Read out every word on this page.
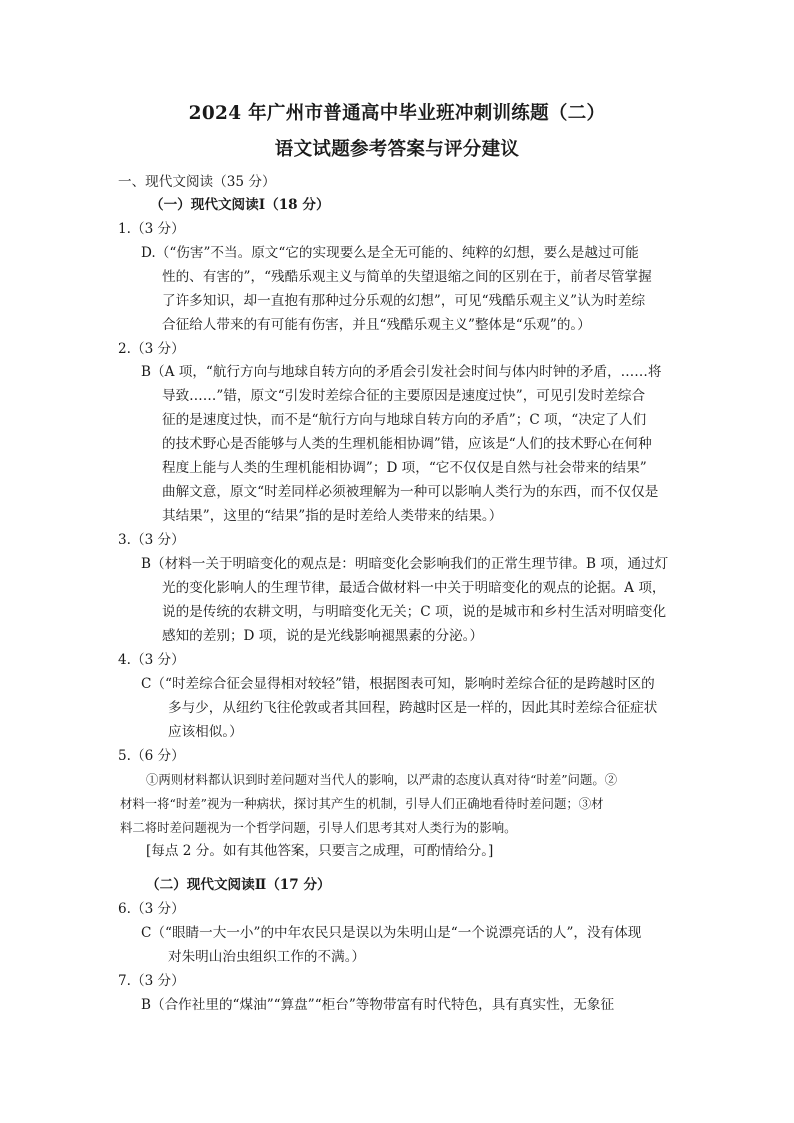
2024 年广州市普通高中毕业班冲刺训练题（二）
语文试题参考答案与评分建议
一、现代文阅读（35 分）
（一）现代文阅读Ⅰ（18 分）
1.（3 分）
D.（“伤害”不当。原文“它的实现要么是全无可能的、纯粹的幻想，要么是越过可能
性的、有害的”，“残酷乐观主义与简单的失望退缩之间的区别在于，前者尽管掌握
了许多知识，却一直抱有那种过分乐观的幻想”，可见“残酷乐观主义”认为时差综
合征给人带来的有可能有伤害，并且“残酷乐观主义”整体是“乐观”的。）
2.（3 分）
B（A 项，“航行方向与地球自转方向的矛盾会引发社会时间与体内时钟的矛盾，……将
导致……”错，原文“引发时差综合征的主要原因是速度过快”，可见引发时差综合
征的是速度过快，而不是“航行方向与地球自转方向的矛盾”；C 项，“决定了人们
的技术野心是否能够与人类的生理机能相协调”错，应该是“人们的技术野心在何种
程度上能与人类的生理机能相协调”；D 项，“它不仅仅是自然与社会带来的结果”
曲解文意，原文“时差同样必须被理解为一种可以影响人类行为的东西，而不仅仅是
其结果”，这里的“结果”指的是时差给人类带来的结果。）
3.（3 分）
B（材料一关于明暗变化的观点是：明暗变化会影响我们的正常生理节律。B 项，通过灯
光的变化影响人的生理节律，最适合做材料一中关于明暗变化的观点的论据。A 项，
说的是传统的农耕文明，与明暗变化无关；C 项，说的是城市和乡村生活对明暗变化
感知的差别；D 项，说的是光线影响褪黑素的分泌。）
4.（3 分）
C（“时差综合征会显得相对较轻”错，根据图表可知，影响时差综合征的是跨越时区的
多与少，从纽约飞往伦敦或者其回程，跨越时区是一样的，因此其时差综合征症状
应该相似。）
5.（6 分）
①两则材料都认识到时差问题对当代人的影响，以严肃的态度认真对待“时差”问题。②
材料一将“时差”视为一种病状，探讨其产生的机制，引导人们正确地看待时差问题；③材
料二将时差问题视为一个哲学问题，引导人们思考其对人类行为的影响。
[每点 2 分。如有其他答案，只要言之成理，可酌情给分。]
（二）现代文阅读Ⅱ（17 分）
6.（3 分）
C（“眼睛一大一小”的中年农民只是误以为朱明山是“一个说漂亮话的人”，没有体现
对朱明山治虫组织工作的不满。）
7.（3 分）
B（合作社里的“煤油”“算盘”“柜台”等物带富有时代特色，具有真实性，无象征
